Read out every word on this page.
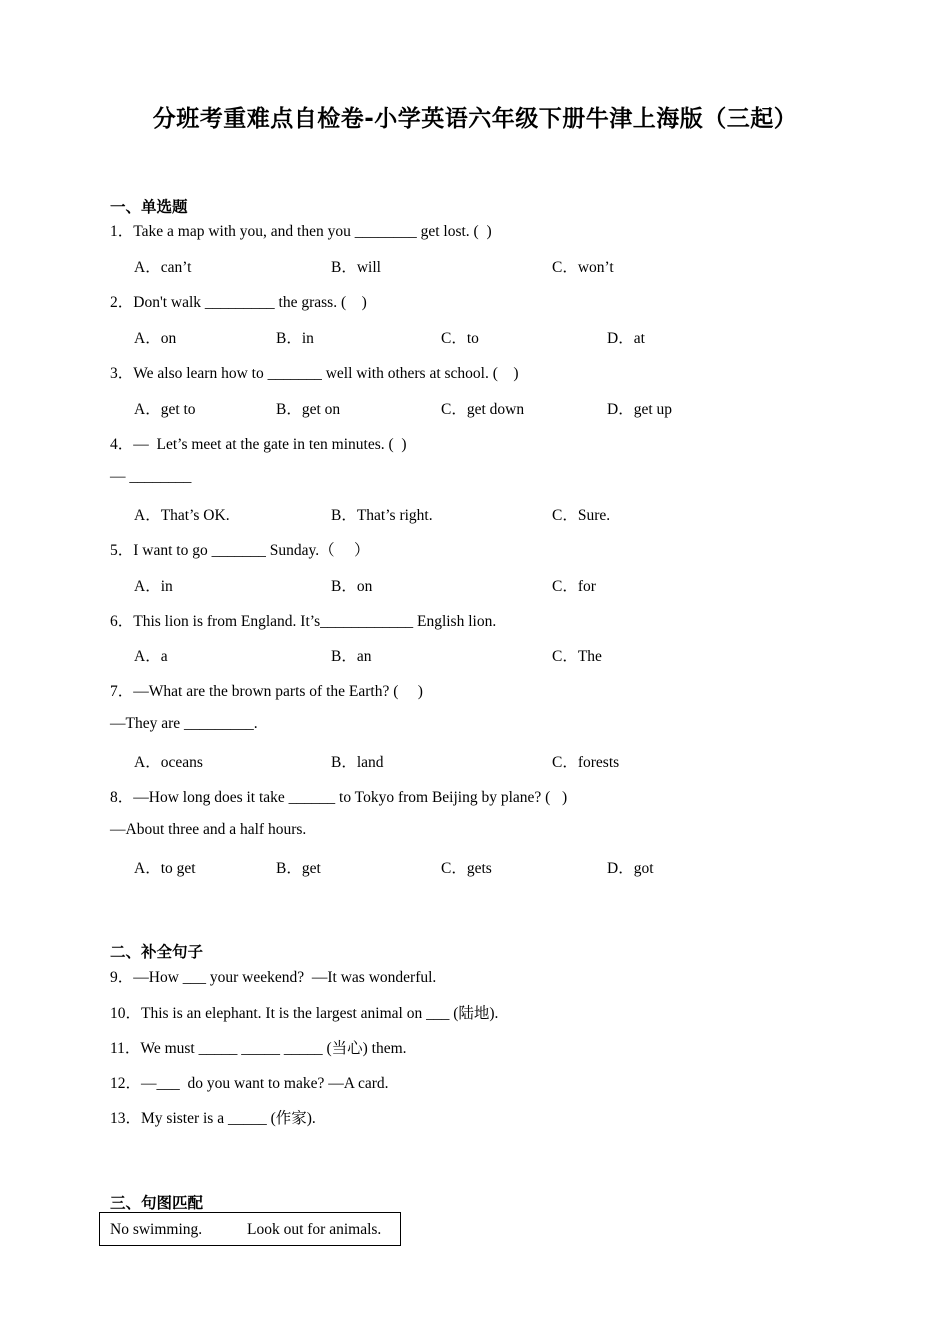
分班考重难点自检卷-小学英语六年级下册牛津上海版（三起）
一、单选题
1．Take a map with you, and then you ________ get lost. (  )
A．can’t	B．will	C．won’t
2．Don't walk _________ the grass. (    )
A．on	B．in	C．to	D．at
3．We also learn how to _______ well with others at school. (    )
A．get to	B．get on	C．get down	D．get up
4．—  Let’s meet at the gate in ten minutes. (  )
— ________
A．That’s OK.	B．That’s right.	C．Sure.
5．I want to go _______ Sunday.（     ）
A．in	B．on	C．for
6．This lion is from England. It’s____________ English lion.
A．a	B．an	C．The
7．—What are the brown parts of the Earth? (     )
—They are _________.
A．oceans	B．land	C．forests
8．—How long does it take ______ to Tokyo from Beijing by plane? (   )
—About three and a half hours.
A．to get	B．get	C．gets	D．got
二、补全句子
9．—How ___ your weekend?  —It was wonderful.
10．This is an elephant. It is the largest animal on ___ (陆地).
11．We must _____ _____ _____ (当心) them.
12．—___  do you want to make? —A card.
13．My sister is a _____ (作家).
三、句图匹配
No swimming.	Look out for animals.
